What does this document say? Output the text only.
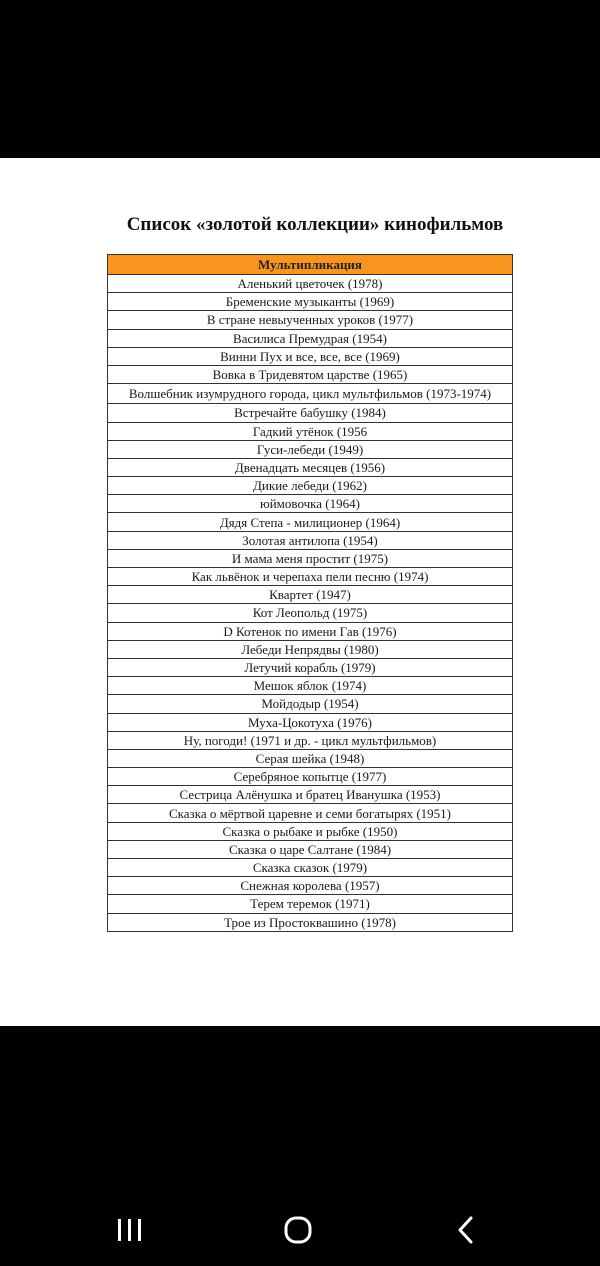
Список «золотой коллекции» кинофильмов
Мультипликация
Аленький цветочек (1978)
Бременские музыканты (1969)
В стране невыученных уроков (1977)
Василиса Премудрая (1954)
Винни Пух и все, все, все (1969)
Вовка в Тридевятом царстве (1965)
Волшебник изумрудного города, цикл мультфильмов (1973-1974)
Встречайте бабушку (1984)
Гадкий утёнок (1956
Гуси-лебеди (1949)
Двенадцать месяцев (1956)
Дикие лебеди (1962)
юймовочка (1964)
Дядя Степа - милиционер (1964)
Золотая антилопа (1954)
И мама меня простит (1975)
Как львёнок и черепаха пели песню (1974)
Квартет (1947)
Кот Леопольд (1975)
D Котенок по имени Гав (1976)
Лебеди Непрядвы (1980)
Летучий корабль (1979)
Мешок яблок (1974)
Мойдодыр (1954)
Муха-Цокотуха (1976)
Ну, погоди! (1971 и др. - цикл мультфильмов)
Серая шейка (1948)
Серебряное копытце (1977)
Сестрица Алёнушка и братец Иванушка (1953)
Сказка о мёртвой царевне и семи богатырях (1951)
Сказка о рыбаке и рыбке (1950)
Сказка о царе Салтане (1984)
Сказка сказок (1979)
Снежная королева (1957)
Терем теремок (1971)
Трое из Простоквашино (1978)
